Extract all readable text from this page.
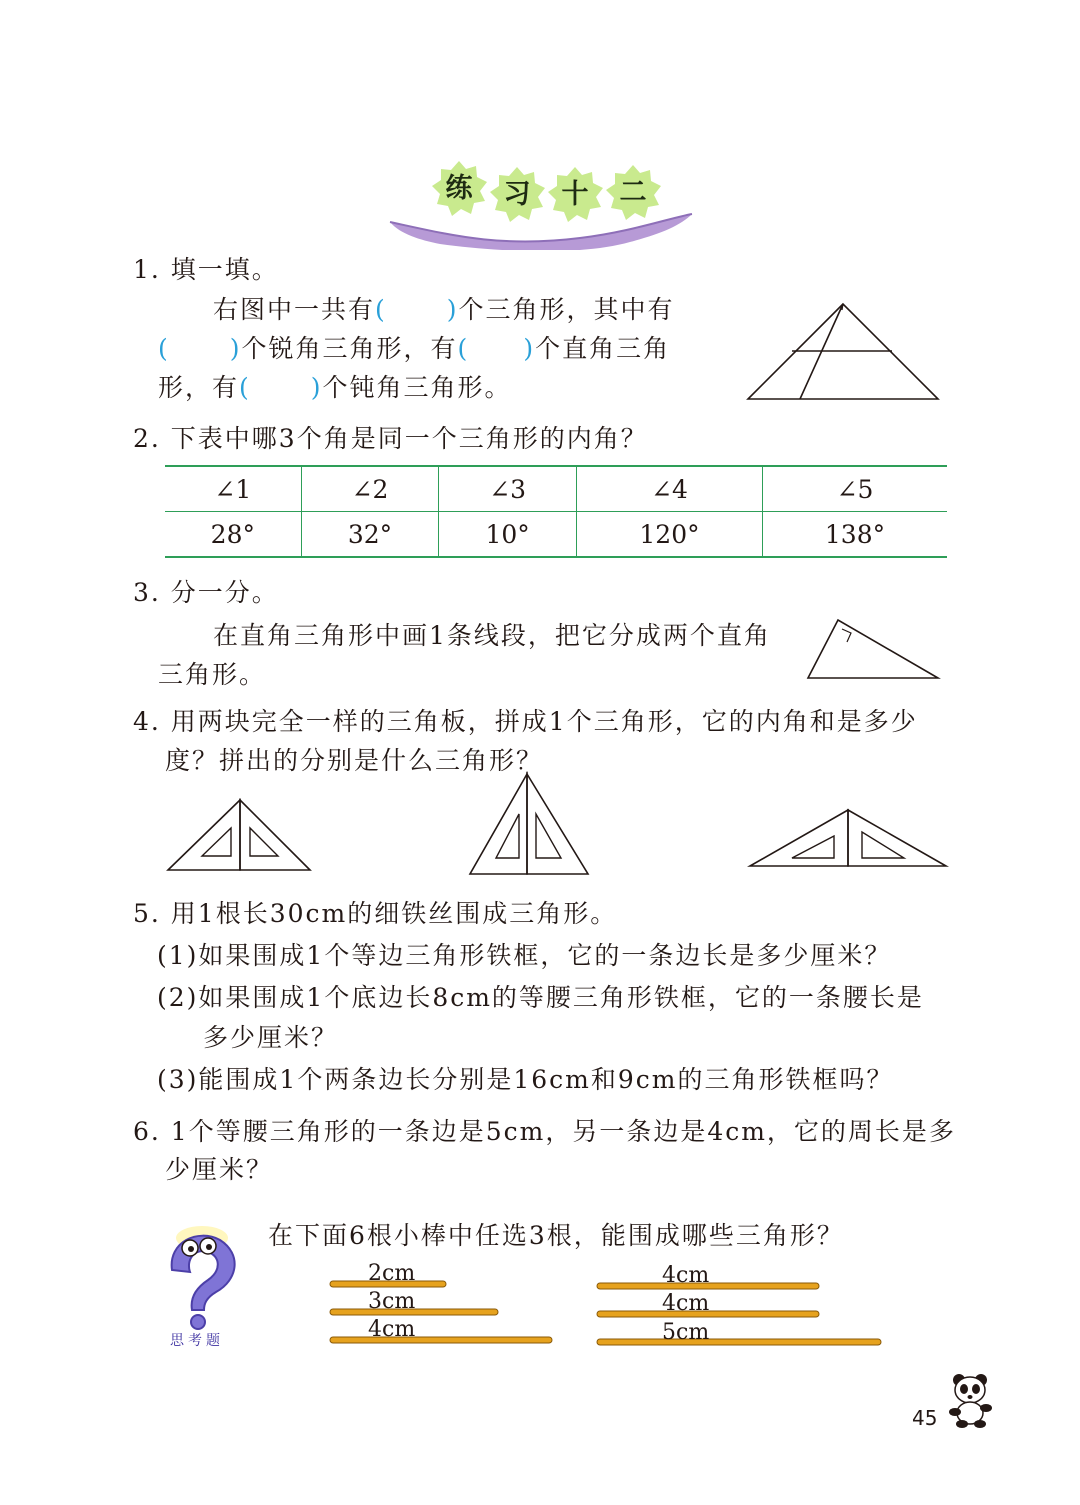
练	习	十	二
1. 填一填。
右图中一共有( )个三角形，其中有
( )个锐角三角形，有( )个直角三角
形，有( )个钝角三角形。
2. 下表中哪3个角是同一个三角形的内角？
∠1	∠2	∠3	∠4	∠5
28°	32°	10°	120°	138°
3. 分一分。
在直角三角形中画1条线段，把它分成两个直角
三角形。
4. 用两块完全一样的三角板，拼成1个三角形，它的内角和是多少
度？拼出的分别是什么三角形？
5. 用1根长30cm的细铁丝围成三角形。
(1)如果围成1个等边三角形铁框，它的一条边长是多少厘米？
(2)如果围成1个底边长8cm的等腰三角形铁框，它的一条腰长是
多少厘米？
(3)能围成1个两条边长分别是16cm和9cm的三角形铁框吗？
6. 1个等腰三角形的一条边是5cm，另一条边是4cm，它的周长是多
少厘米？
思考题
在下面6根小棒中任选3根，能围成哪些三角形？
2cm
3cm
4cm
4cm
4cm
5cm
45
